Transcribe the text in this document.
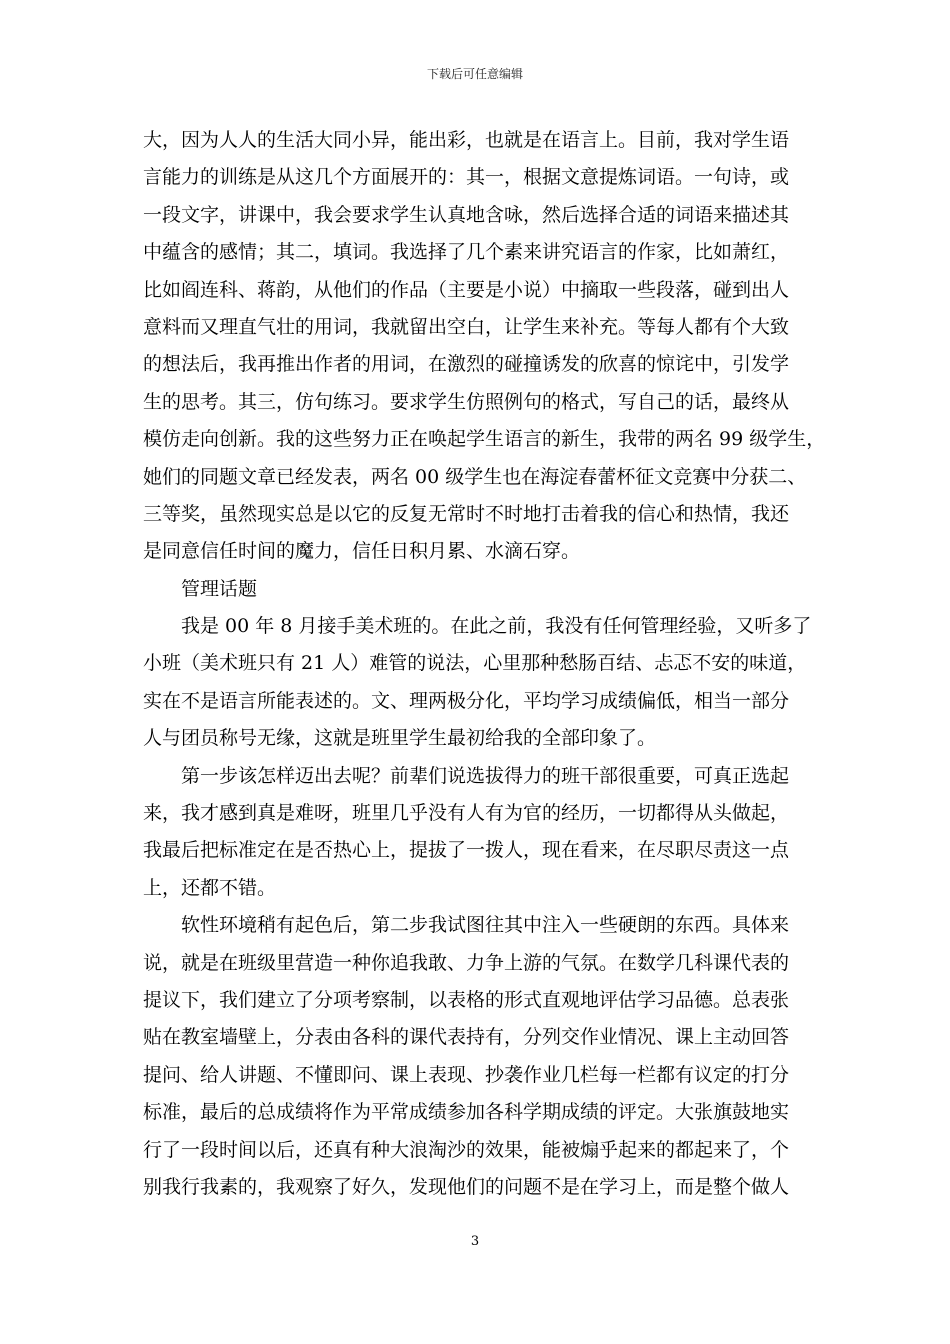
下载后可任意编辑
大，因为人人的生活大同小异，能出彩，也就是在语言上。目前，我对学生语
言能力的训练是从这几个方面展开的：其一，根据文意提炼词语。一句诗，或
一段文字，讲课中，我会要求学生认真地含咏，然后选择合适的词语来描述其
中蕴含的感情；其二，填词。我选择了几个素来讲究语言的作家，比如萧红，
比如阎连科、蒋韵，从他们的作品（主要是小说）中摘取一些段落，碰到出人
意料而又理直气壮的用词，我就留出空白，让学生来补充。等每人都有个大致
的想法后，我再推出作者的用词，在激烈的碰撞诱发的欣喜的惊诧中，引发学
生的思考。其三，仿句练习。要求学生仿照例句的格式，写自己的话，最终从
模仿走向创新。我的这些努力正在唤起学生语言的新生，我带的两名 99 级学生，
她们的同题文章已经发表，两名 00 级学生也在海淀春蕾杯征文竞赛中分获二、
三等奖，虽然现实总是以它的反复无常时不时地打击着我的信心和热情，我还
是同意信任时间的魔力，信任日积月累、水滴石穿。
管理话题
我是 00 年 8 月接手美术班的。在此之前，我没有任何管理经验，又听多了
小班（美术班只有 21 人）难管的说法，心里那种愁肠百结、忐忑不安的味道，
实在不是语言所能表述的。文、理两极分化，平均学习成绩偏低，相当一部分
人与团员称号无缘，这就是班里学生最初给我的全部印象了。
第一步该怎样迈出去呢？前辈们说选拔得力的班干部很重要，可真正选起
来，我才感到真是难呀，班里几乎没有人有为官的经历，一切都得从头做起，
我最后把标准定在是否热心上，提拔了一拨人，现在看来，在尽职尽责这一点
上，还都不错。
软性环境稍有起色后，第二步我试图往其中注入一些硬朗的东西。具体来
说，就是在班级里营造一种你追我敢、力争上游的气氛。在数学几科课代表的
提议下，我们建立了分项考察制，以表格的形式直观地评估学习品德。总表张
贴在教室墙壁上，分表由各科的课代表持有，分列交作业情况、课上主动回答
提问、给人讲题、不懂即问、课上表现、抄袭作业几栏每一栏都有议定的打分
标准，最后的总成绩将作为平常成绩参加各科学期成绩的评定。大张旗鼓地实
行了一段时间以后，还真有种大浪淘沙的效果，能被煽乎起来的都起来了，个
别我行我素的，我观察了好久，发现他们的问题不是在学习上，而是整个做人
3
